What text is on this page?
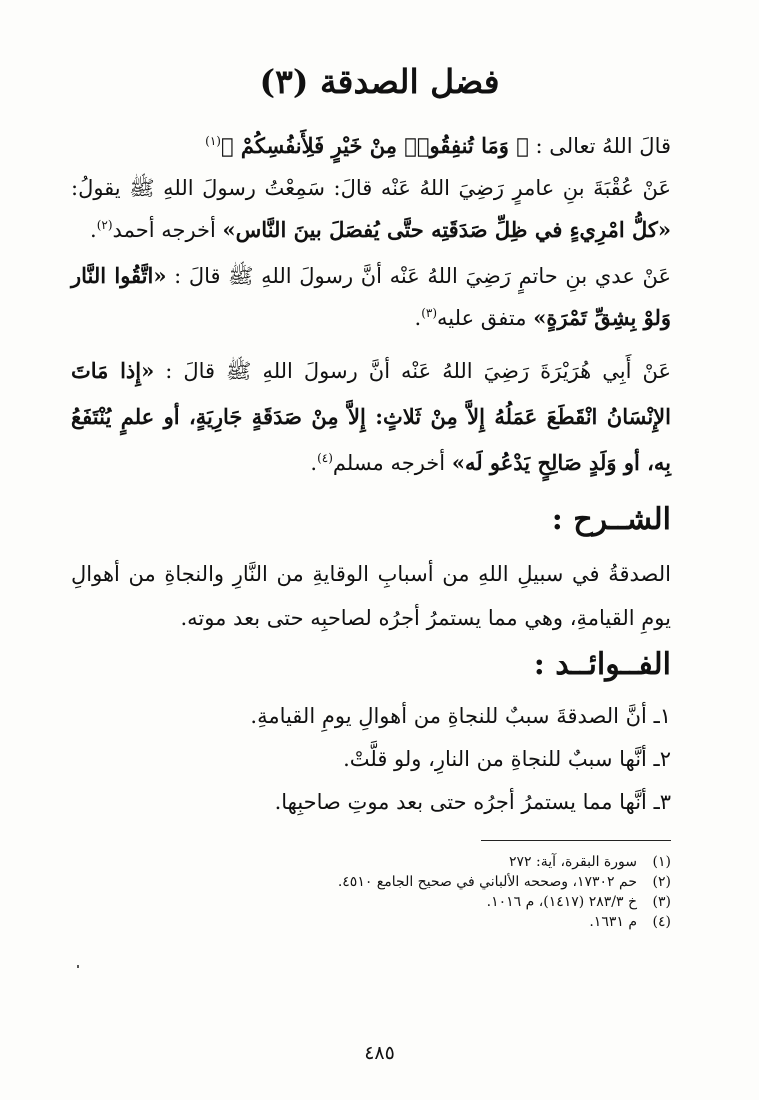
فضل الصدقة (٣)

قالَ اللهُ تعالى : ﴿ وَمَا تُنفِقُوا۟ مِنْ خَيْرٍ فَلِأَنفُسِكُمْ ﴾$^{(١)}$

عَنْ عُقْبَةَ بنِ عامرٍ رَضِيَ اللهُ عَنْه قالَ: سَمِعْتُ رسولَ اللهِ ﷺ يقولُ: «كلُّ امْرِيءٍ في ظِلِّ صَدَقَتِه حتَّى يُفصَلَ بينَ النَّاس» أخرجه أحمد$^{(٢)}$.

عَنْ عدي بنِ حاتمٍ رَضِيَ اللهُ عَنْه أنَّ رسولَ اللهِ ﷺ قالَ : «اتَّقُوا النَّار وَلوْ بِشِقِّ تَمْرَةٍ» متفق عليه$^{(٣)}$.

عَنْ أَبِي هُرَيْرَةَ رَضِيَ اللهُ عَنْه أنَّ رسولَ اللهِ ﷺ قالَ : «إِذا مَاتَ الإِنْسَانُ انْقَطَعَ عَمَلُهُ إِلاَّ مِنْ ثَلاثٍ: إِلاَّ مِنْ صَدَقَةٍ جَارِيَةٍ، أو علمٍ يُنْتَفَعُ بِه، أو وَلَدٍ صَالِحٍ يَدْعُو لَه» أخرجه مسلم$^{(٤)}$.

الشــرح :
الصدقةُ في سبيلِ اللهِ من أسبابِ الوقايةِ من النَّارِ والنجاةِ من أهوالِ يومِ القيامةِ، وهي مما يستمرُ أجرُه لصاحبِه حتى بعد موته.
الفــوائــد :

١ـ أنَّ الصدقةَ سببٌ للنجاةِ من أهوالِ يومِ القيامةِ.

٢ـ أنَّها سببٌ للنجاةِ من النارِ، ولو قلَّتْ.

٣ـ أنَّها مما يستمرُ أجرُه حتى بعد موتِ صاحبِها.

(١)
سورة البقرة، آية: ٢٧٢
(٢)
حم ١٧٣٠٢، وصححه الألباني في صحيح الجامع ٤٥١٠.
(٣)
خ ٢٨٣/٣ (١٤١٧)، م ١٠١٦.
(٤)
م ١٦٣١.
٤٨٥
